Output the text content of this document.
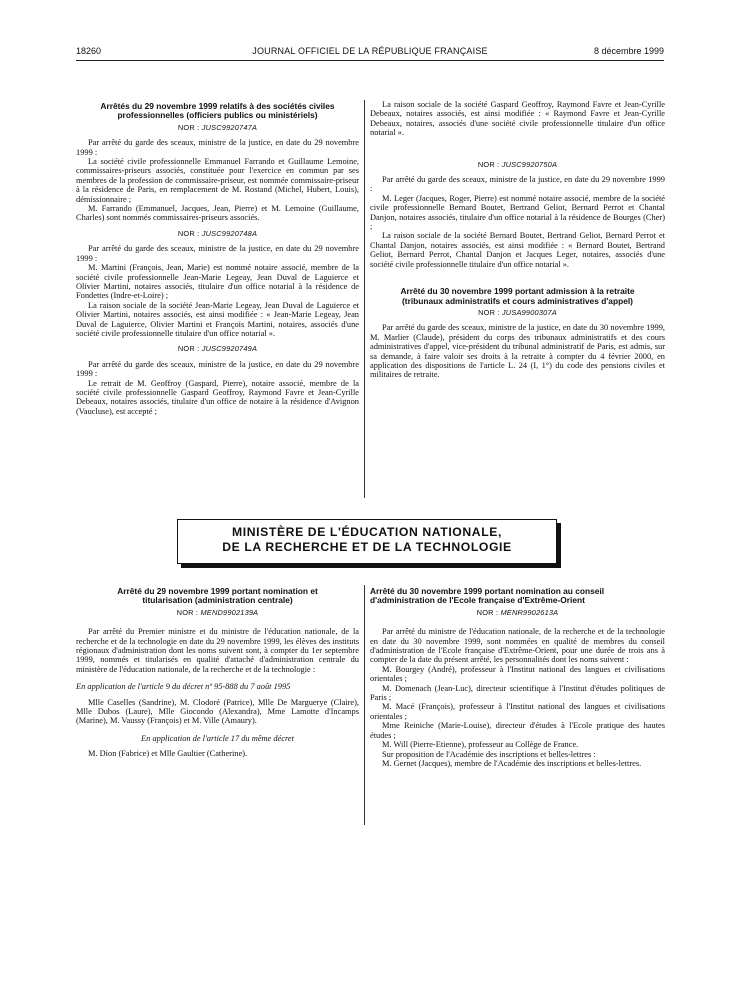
18260	JOURNAL OFFICIEL DE LA RÉPUBLIQUE FRANÇAISE	8 décembre 1999
Arrêtés du 29 novembre 1999 relatifs à des sociétés civiles professionnelles (officiers publics ou ministériels)
NOR : JUSC9920747A

Par arrêté du garde des sceaux, ministre de la justice, en date du 29 novembre 1999 :

La société civile professionnelle Emmanuel Farrando et Guillaume Lemoine, commissaires-priseurs associés, constituée pour l'exercice en commun par ses membres de la profession de commissaire-priseur, est nommée commissaire-priseur à la résidence de Paris, en remplacement de M. Rostand (Michel, Hubert, Louis), démissionnaire ;

M. Farrando (Emmanuel, Jacques, Jean, Pierre) et M. Lemoine (Guillaume, Charles) sont nommés commissaires-priseurs associés.

NOR : JUSC9920748A

Par arrêté du garde des sceaux, ministre de la justice, en date du 29 novembre 1999 :

M. Martini (François, Jean, Marie) est nommé notaire associé, membre de la société civile professionnelle Jean-Marie Legeay, Jean Duval de Laguierce et Olivier Martini, notaires associés, titulaire d'un office notarial à la résidence de Fondettes (Indre-et-Loire) ;

La raison sociale de la société Jean-Marie Legeay, Jean Duval de Laguierce et Olivier Martini, notaires associés, est ainsi modifiée : « Jean-Marie Legeay, Jean Duval de Laguierce, Olivier Martini et François Martini, notaires, associés d'une société civile professionnelle titulaire d'un office notarial ».

NOR : JUSC9920749A

Par arrêté du garde des sceaux, ministre de la justice, en date du 29 novembre 1999 :

Le retrait de M. Geoffroy (Gaspard, Pierre), notaire associé, membre de la société civile professionnelle Gaspard Geoffroy, Raymond Favre et Jean-Cyrille Debeaux, notaires associés, titulaire d'un office de notaire à la résidence d'Avignon (Vaucluse), est accepté ;

La raison sociale de la société Gaspard Geoffroy, Raymond Favre et Jean-Cyrille Debeaux, notaires associés, est ainsi modifiée : « Raymond Favre et Jean-Cyrille Debeaux, notaires, associés d'une société civile professionnelle titulaire d'un office notarial ».

NOR : JUSC9920750A

Par arrêté du garde des sceaux, ministre de la justice, en date du 29 novembre 1999 :

M. Leger (Jacques, Roger, Pierre) est nommé notaire associé, membre de la société civile professionnelle Bernard Boutet, Bertrand Geliot, Bernard Perrot et Chantal Danjon, notaires associés, titulaire d'un office notarial à la résidence de Bourges (Cher) ;

La raison sociale de la société Bernard Boutet, Bertrand Geliot, Bernard Perrot et Chantal Danjon, notaires associés, est ainsi modifiée : « Bernard Boutet, Bertrand Geliot, Bernard Perrot, Chantal Danjon et Jacques Leger, notaires, associés d'une société civile professionnelle titulaire d'un office notarial ».

Arrêté du 30 novembre 1999 portant admission à la retraite (tribunaux administratifs et cours administratives d'appel)
NOR : JUSA9900307A

Par arrêté du garde des sceaux, ministre de la justice, en date du 30 novembre 1999, M. Marlier (Claude), président du corps des tribunaux administratifs et des cours administratives d'appel, vice-président du tribunal administratif de Paris, est admis, sur sa demande, à faire valoir ses droits à la retraite à compter du 4 février 2000, en application des dispositions de l'article L. 24 (I, 1°) du code des pensions civiles et militaires de retraite.

MINISTÈRE DE L'ÉDUCATION NATIONALE,
DE LA RECHERCHE ET DE LA TECHNOLOGIE
Arrêté du 29 novembre 1999 portant nomination et titularisation (administration centrale)
NOR : MEND9902139A

Par arrêté du Premier ministre et du ministre de l'éducation nationale, de la recherche et de la technologie en date du 29 novembre 1999, les élèves des instituts régionaux d'administration dont les noms suivent sont, à compter du 1er septembre 1999, nommés et titularisés en qualité d'attaché d'administration centrale du ministère de l'éducation nationale, de la recherche et de la technologie :

En application de l'article 9 du décret nº 95-888 du 7 août 1995

Mlle Caselles (Sandrine), M. Clodoré (Patrice), Mlle De Marguerye (Claire), Mlle Dubos (Laure), Mlle Giocondo (Alexandra), Mme Lamotte d'Incamps (Marine), M. Vaussy (François) et M. Ville (Amaury).

En application de l'article 17 du même décret

M. Dion (Fabrice) et Mlle Gaultier (Catherine).

Arrêté du 30 novembre 1999 portant nomination au conseil d'administration de l'Ecole française d'Extrême-Orient
NOR : MENR9902613A

Par arrêté du ministre de l'éducation nationale, de la recherche et de la technologie en date du 30 novembre 1999, sont nommées en qualité de membres du conseil d'administration de l'Ecole française d'Extrême-Orient, pour une durée de trois ans à compter de la date du présent arrêté, les personnalités dont les noms suivent :

M. Bourgey (André), professeur à l'Institut national des langues et civilisations orientales ;

M. Domenach (Jean-Luc), directeur scientifique à l'Institut d'études politiques de Paris ;

M. Macé (François), professeur à l'Institut national des langues et civilisations orientales ;

Mme Reiniche (Marie-Louise), directeur d'études à l'Ecole pratique des hautes études ;

M. Will (Pierre-Etienne), professeur au Collège de France.

Sur proposition de l'Académie des inscriptions et belles-lettres :

M. Gernet (Jacques), membre de l'Académie des inscriptions et belles-lettres.
